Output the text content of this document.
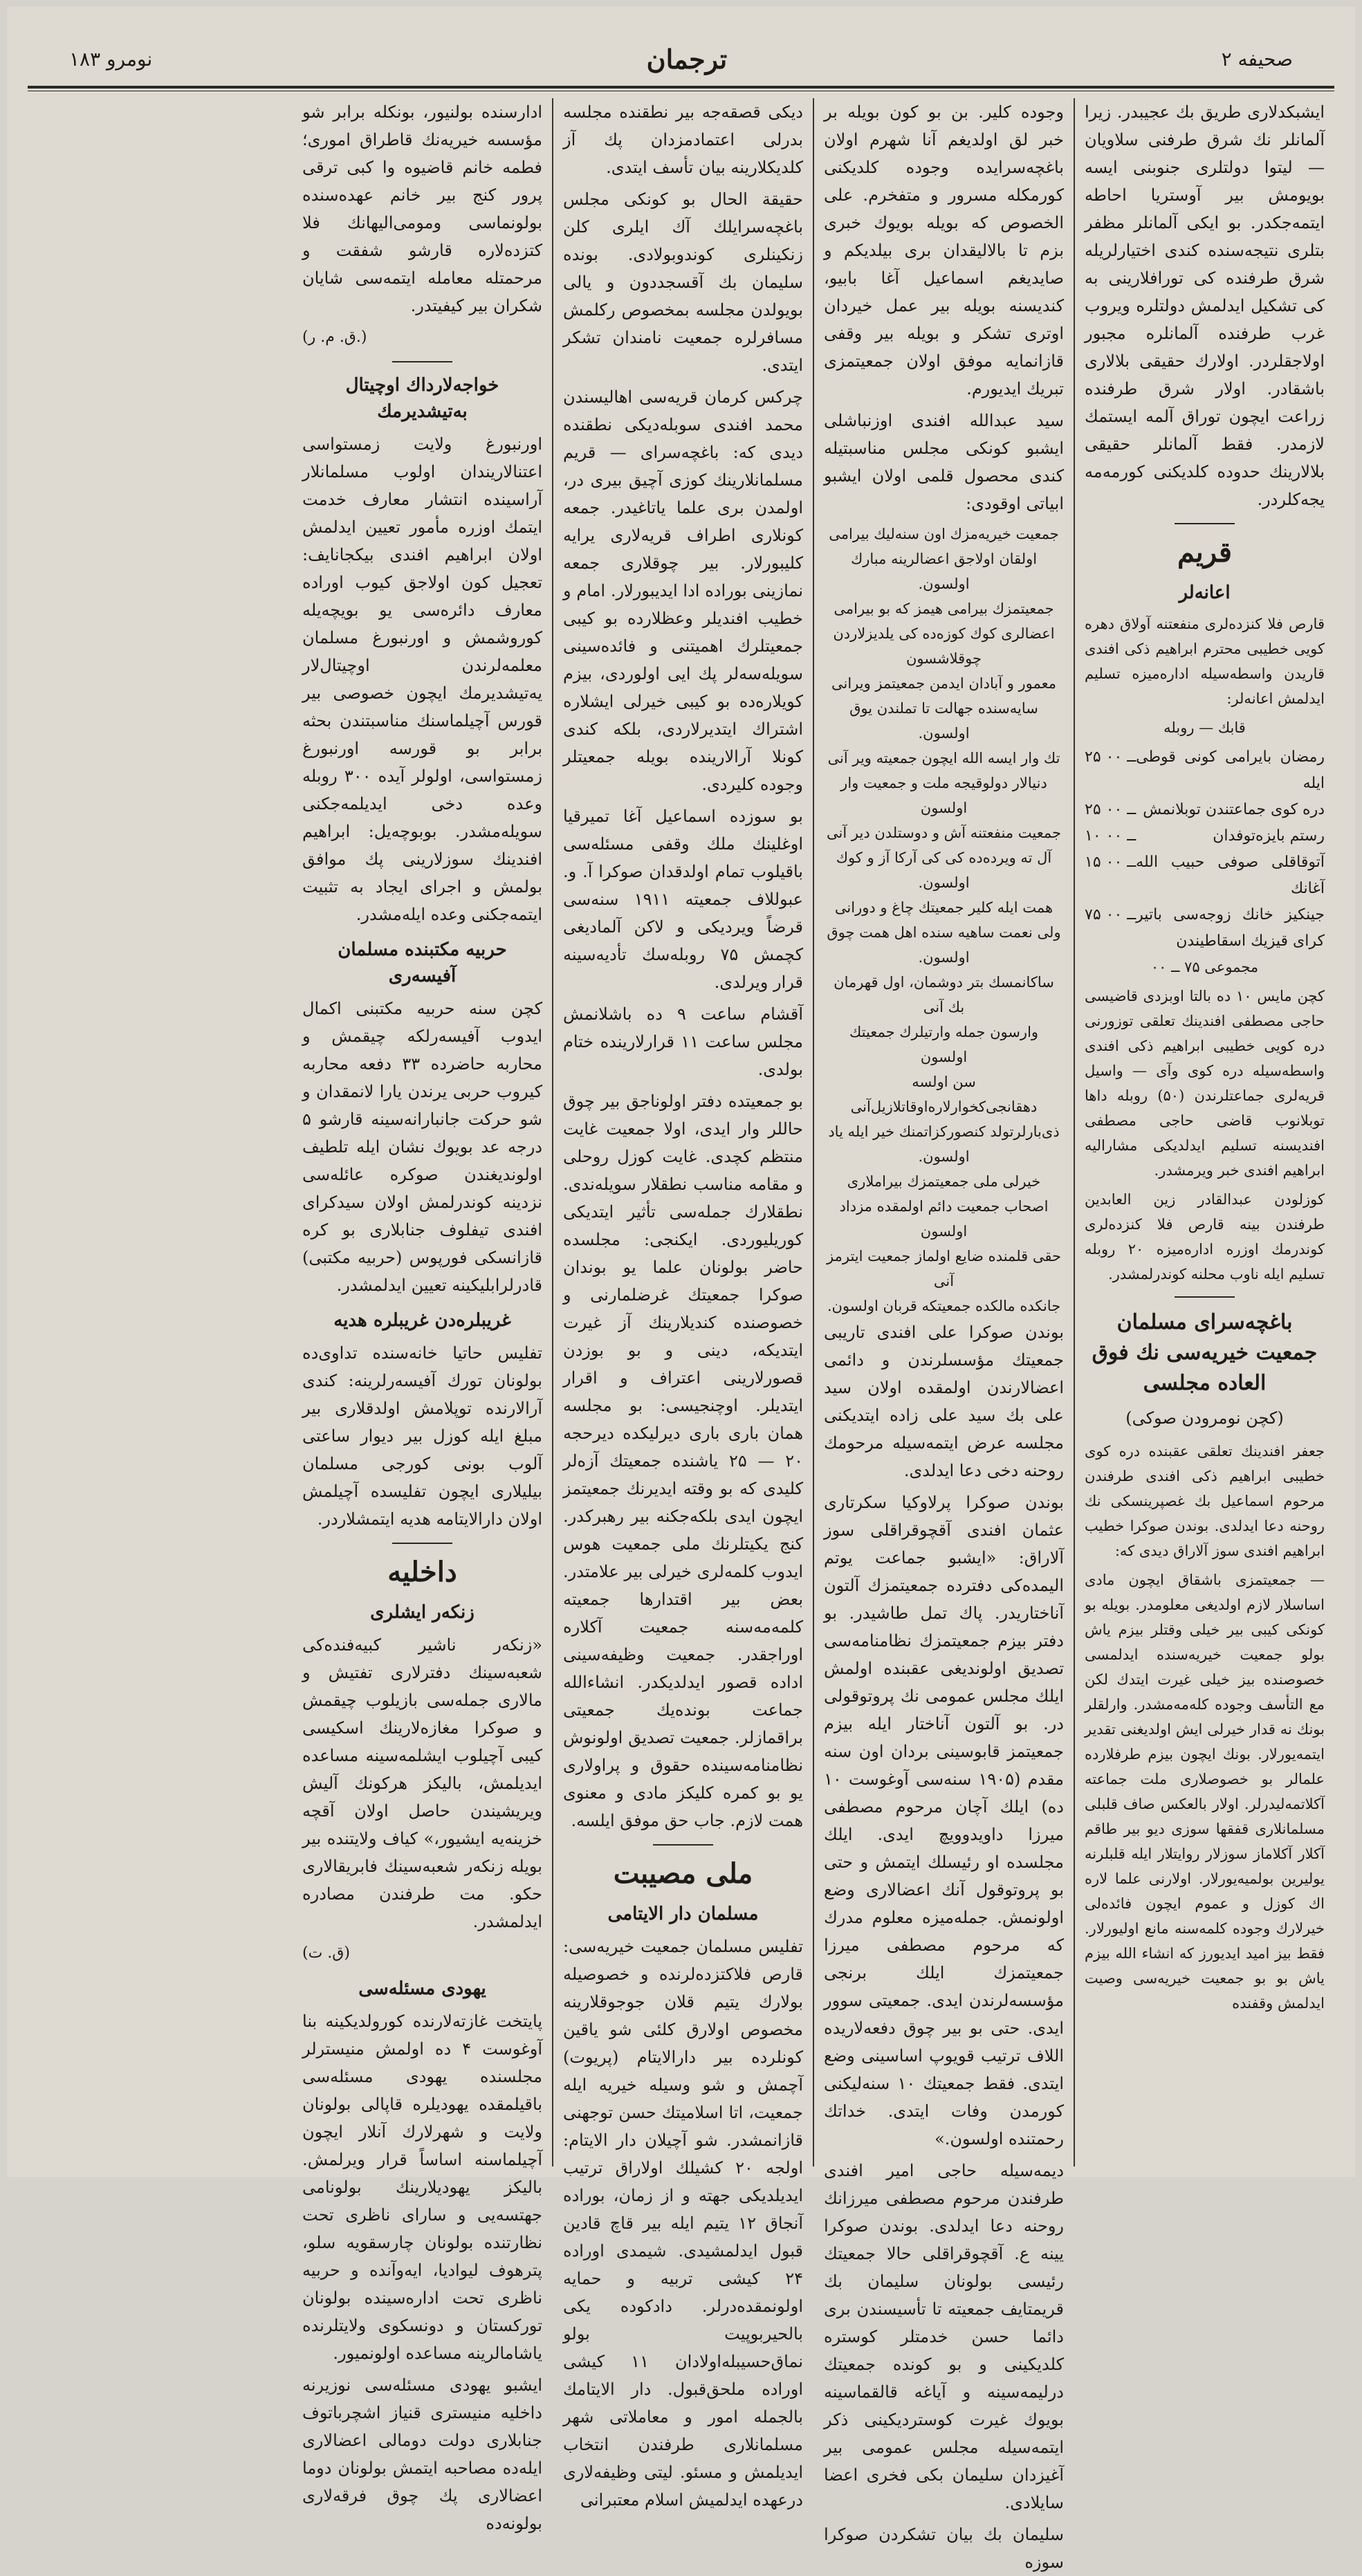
صحیفه ۲
ترجمان
نومرو ۱۸۳

ایشبکدلاری طریق بك عجیبدر. زیرا آلمانلر نك شرق طرفنی سلاویان — لیتوا دولتلری جنوبنی ایسه بویومش بیر آوستریا احاطه ایتمه‌جکدر. بو ایکی آلمانلر مظفر بتلری نتیجه‌سنده کندی اختیارلریله شرق طرفنده کی تورافلارینی به کی تشکیل ایدلمش دولتلره ویروب غرب طرفنده آلمانلره مجبور اولاجقلردر. اولارك حقیقی بلالاری باشقادر. اولار شرق طرفنده زراعت ایچون توراق آلمه ایستمك لازمدر. فقط آلمانلر حقیقی بلالارینك حدوده کلدیکنی کورمه‌مه یجه‌کلردر.

قریم
اعانه‌لر

قارص فلا کنزده‌لری منفعتنه آولاق دهره کویی خطیبی محترم ابراهیم ذکی افندی قاریدن واسطه‌سیله اداره‌میزه تسلیم ایدلمش اعانه‌لر:

قابك — روبله

رمضان بایرامی کونی قوطی ایله
۲۵ ــ ۰۰
دره کوی جماعتندن توبلانمش
۲۵ ــ ۰۰
رستم بایزه‌توفدان
۱۰ ــ ۰۰
آتوقاقلی صوفی حبیب الله آغانك
۱۵ ــ ۰۰
جینکیز خانك زوجه‌سی باتیر کرای قیزیك اسقاطیندن
۷۵ ــ ۰۰

مجموعی ۷۵ ــ ۰۰

کچن مایس ۱۰ ده بالتا اوبزدی قاضیسی حاجی مصطفی افندینك تعلقی توزورنی دره کویی خطیبی ابراهیم ذکی افندی واسطه‌سیله دره کوی وآی — واسیل قریه‌لری جماعتلرندن (۵۰) روبله داها توبلانوب قاضی حاجی مصطفی افندیسنه تسلیم ایدلدیکی مشارالیه ابراهیم افندی خبر ویرمشدر.

کوزلودن عبدالقادر زین العابدین طرفندن بینه قارص فلا کنزده‌لری کوندرمك اوزره اداره‌میزه ۲۰ روبله تسلیم ایله ناوب محلنه کوندرلمشدر.

باغچه‌سرای مسلمان جمعیت خیریه‌سی نك فوق العاده مجلسی
(کچن نومرودن صوکی)

جعفر افندینك تعلقی عقبنده دره کوی خطیبی ابراهیم ذکی افندی طرفندن مرحوم اسماعیل بك غصپرینسکی نك روحنه دعا ایدلدی. بوندن صوکرا خطیب ابراهیم افندی سوز آلاراق دیدی که:

— جمعیتمزی باشقاق ایچون مادی اساسلار لازم اولدیغی معلومدر. بویله بو کونکی کیبی بیر خیلی وقتلر بیزم یاش بولو جمعیت خیریه‌سنده ایدلمسی خصوصنده بیز خیلی غیرت ایتدك لکن مع التأسف وجوده کله‌مه‌مشدر. وارلقلر بونك نه قدار خیرلی ایش اولدیغنی تقدیر ایتمه‌یورلار. بونك ایچون بیزم طرفلارده علمالر بو خصوصلاری ملت جماعته آکلاتمه‌لیدرلر. اولار بالعکس صاف قلبلی مسلمانلاری قفقها سوزی دیو بیر طاقم آکلار آکلاماز سوزلار روایتلار ایله قلبلرنه یولیرین بولمیه‌یورلار. اولارنی علما لاره اك کوزل و عموم ایچون فائده‌لی خیرلارك وجوده کلمه‌سنه مانع اولیورلار. فقط بیز امید ایدیورز که انشاء الله بیزم یاش بو بو جمعیت خیریه‌سی وصیت ایدلمش وقفنده

وجوده کلیر. بن بو کون بویله بر خبر لق اولدیغم آنا شهرم اولان باغچه‌سرایده وجوده کلدیکنی کورمکله مسرور و متفخرم. علی الخصوص که بویله بویوك خبری بزم تا بالالیقدان بری بیلدیکم و صایدیغم اسماعیل آغا بابیو، کندیسنه بویله بیر عمل خیردان اوتری تشکر و بویله بیر وقفی قازانمایه موفق اولان جمعیتمزی تبریك ایدیورم.

سید عبدالله افندی اوزنباشلی ایشبو کونکی مجلس مناسبتیله کندی محصول قلمی اولان ایشبو ابیاتی اوقودی:

جمعیت خیریه‌مزك اون سنه‌لیك بیرامی
اولقان اولاجق اعضالرینه مبارك اولسون.
جمعیتمزك بیرامی هیمز که بو بیرامی
اعضالری کوك کوزه‌ده کی یلدیزلاردن چوقلاشسون
معمور و آبادان ایدمن جمعیتمز ویرانی
سایه‌سنده جهالت تا تملندن یوق اولسون.
تك وار ایسه الله ایچون جمعیته ویر آنی
دنیالار دولوقیجه ملت و جمعیت وار اولسون
جمعیت منفعتنه آش و دوستلدن دیر آنی
آل ته ویرده‌ده کی کی آرکا آز و کوك اولسون.
همت ایله کلیر جمعیتك چاغ و دورانی
ولی نعمت ساهیه سنده اهل همت چوق اولسون.
ساکانمسك بتر دوشمان، اول قهرمان بك آنی
وارسون جمله وارتیلرك جمعیتك اولسون
سن اولسه دهقانجی‌كخوارلاره‌اوقاتلازیل‌آنی
ذی‌بارلرتولد کنصورکزاتمنك خیر ایله یاد اولسون.
خیرلی ملی جمعیتمزك بیراملاری
اصحاب جمعیت دائم اولمقده مزداد اولسون
حقی قلمنده ضایع اولماز جمعیت ایترمز آنی
جانکده مالکده جمعیتکه قربان اولسون.

بوندن صوکرا علی افندی تاریبی جمعیتك مؤسسلرندن و دائمی اعضالارندن اولمقده اولان سید علی بك سید علی زاده ایتدیکنی مجلسه عرض ایتمه‌سیله مرحومك روحنه دخی دعا ایدلدی.

بوندن صوکرا پرلاوکیا سکرتاری عثمان افندی آقچوقراقلی سوز آلاراق: «ایشبو جماعت یوتم الیمده‌کی دفترده جمعیتمزك آلتون آناختاریدر. پاك تمل طاشیدر. بو دفتر بیزم جمعیتمزك نظامنامه‌سی تصدیق اولوندیغی عقبنده اولمش ایلك مجلس عمومی نك پروتوقولی در. بو آلتون آناختار ایله بیزم جمعیتمز قابوسینی بردان اون سنه مقدم (۱۹۰۵ سنه‌سی آوغوست ۱۰ ده) ایلك آچان مرحوم مصطفی میرزا داویدوویچ ایدی. ایلك مجلسده او رئیسلك ایتمش و حتی بو پروتوقول آنك اعضالاری وضع اولونمش. جمله‌میزه معلوم مدرك که مرحوم مصطفی میرزا جمعیتمزك ایلك برنجی مؤسسه‌لرندن ایدی. جمعیتی سوور ایدی. حتی بو بیر چوق دفعه‌لاریده اللاف ترتیب قویوپ اساسینی وضع ایتدی. فقط جمعیتك ۱۰ سنه‌لیکنی کورمدن وفات ایتدی. خداتك رحمتنده اولسون.»

دیمه‌سیله حاجی امیر افندی طرفندن مرحوم مصطفی میرزانك روحنه دعا ایدلدی. بوندن صوکرا یینه ع. آقچوقراقلی حالا جمعیتك رئیسی بولونان سلیمان بك قریمتایف جمعیته تا تأسیسندن بری دائما حسن خدمتلر کوستره کلدیکینی و بو کونده جمعیتك درلیمه‌سینه و آیاغه قالقماسینه بویوك غیرت کوستردیکینی ذکر ایتمه‌سیله مجلس عمومی بیر آغیزدان سلیمان بکی فخری اعضا سایلادی.

سلیمان بك بیان تشکردن صوکرا سوزه

دیکی قصقه‌جه بیر نطقنده مجلسه بدرلی اعتمادمزدان پك آز کلدیکلارینه بیان تأسف ایتدی.

حقیقة الحال بو کونکی مجلس باغچه‌سرایلك آك ایلری کلن زنکینلری کوندوبولادی. بونده سلیمان بك آقسجددون و یالی بویولدن مجلسه بمخصوص رکلمش مسافرلره جمعیت نامندان تشکر ایتدی.

چرکس کرمان قریه‌سی اهالیسندن محمد افندی سوبله‌دیکی نطقنده دیدی که: باغچه‌سرای — قریم مسلمانلارینك کوزی آچیق بیری در، اولمدن بری علما یاتاغیدر. جمعه کونلاری اطراف قریه‌لاری یرایه کلیبورلار. بیر چوقلاری جمعه نمازینی بوراده ادا ایدیبورلار. امام و خطیب افندیلر وعظلارده بو کیبی جمعیتلرك اهمیتنی و فائده‌سینی سویله‌سه‌لر پك ایی اولوردی، بیزم کویلار‌ه‌ده بو کیبی خیرلی ایشلاره اشتراك ایتدیرلاردی، بلکه کندی کونلا آرالارینده بویله جمعیتلر وجوده کلیردی.

بو سوزده اسماعیل آغا تمیرقیا اوغلینك ملك وقفی مسئله‌سی باقیلوب تمام اولدقدان صوکرا آ. و. عبوللاف جمعیته ۱۹۱۱ سنه‌سی قرضاً ویردیکی و لاکن آلمادیغی کچمش ۷۵ روبله‌سك تأدیه‌سینه قرار ویرلدی.

آقشام ساعت ۹ ده باشلانمش مجلس ساعت ۱۱ قرارلارینده ختام بولدی.

بو جمعیتده دفتر اولوناجق بیر چوق حاللر وار ایدی، اولا جمعیت غایت منتظم کچدی. غایت کوزل روحلی و مقامه مناسب نطقلار سویله‌ندی. نطقلارك جمله‌سی تأثیر ایتدیکی کوریلیوردی. ایکنجی: مجلسده حاضر بولونان علما یو بوندان صوکرا جمعیتك غرضلمارنی و خصوصنده کندیلارینك آز غیرت ایتدیکه، دینی و بو بوزدن قصورلارینی اعتراف و اقرار ایتدیلر. اوچنجیسی: بو مجلسه همان باری باری دیرلیکده دیرحجه ۲۰ — ۲۵ یاشنده جمعیتك آزه‌لر کلیدی که بو وقته ایدیرنك جمعیتمز ایچون ایدی بلکه‌جکنه بیر رهبرکدر. کنج یکیتلرنك ملی جمعیت هوس ایدوب کلمه‌لری خیرلی بیر علامتدر. بعض بیر اقتدارها جمعیته کلمه‌مه‌سنه جمعیت آکلاره اوراجقدر. جمعیت وظیفه‌سینی اداده قصور ایدلدیکدر. انشاءالله جماعت بونده‌یك جمعیتی براقمازلر. جمعیت تصدیق اولونوش نظامنامه‌سینده حقوق و پراولاری یو بو کمره کلیکز مادی و معنوی همت لازم. جاب حق موفق ایلسه.

ملی مصیبت
مسلمان دار الایتامی

تفلیس مسلمان جمعیت خیریه‌سی: قارص فلاکتزده‌لرنده و خصوصیله بولارك یتیم قلان جوجوقلارینه مخصوص اولارق کلئی شو یاقین کونلرده بیر دارالایتام (پریوت) آچمش و شو وسیله خیریه ایله جمعیت، اتا اسلامیتك حسن توجهنی قازانمشدر. شو آچیلان دار الایتام: اولجه ۲۰ کشیلك اولاراق ترتیب ایدیلدیکی جهته و از زمان، بوراده آنجاق ۱۲ یتیم ایله بیر قاچ قادین قبول ایدلمشیدی. شیمدی اوراده ۲۴ کیشی تربیه و حمایه اولونمقده‌درلر. دادکوده یکی بالحیربوپیت بولو نماق‌حسیبله‌اولادان ۱۱ کیشی اوراده ملحق‌قبول. دار الایتامك بالجمله امور و معاملاتی شهر مسلمانلاری طرفندن انتخاب ایدیلمش و مسئو. لیتی وظیفه‌لاری درعهده ایدلمیش اسلام معتبرانی

ادارسنده بولنیور، بونکله برابر شو مؤسسه خیریه‌نك قاطراق اموری؛ فطمه خانم قاضیوه وا کبی ترقی پرور کنج بیر خانم عهده‌سنده بولونماسی ومومی‌الیهانك فلا کتزده‌لاره قارشو شفقت و مرحمتله معامله ایتمه‌سی شایان شکران بیر کیفیتدر.

(ق. م. ر.)

خواجه‌لارداك اوچیتال به‌تیشدیرمك

اورنبورغ ولایت زمستواسی اعتنالاریندان اولوب مسلمانلار آراسینده انتشار معارف خدمت ایتمك اوزره مأمور تعیین ایدلمش اولان ابراهیم افندی بیکجانایف: تعجیل کون اولاجق کیوب اوراده معارف دائره‌سی یو بویچه‌یله کوروشمش و اورنبورغ مسلمان معلمه‌لرندن اوچیتال‌لار یه‌تیشدیرمك ایچون خصوصی بیر قورس آچیلماسنك مناسبتندن بحثه برابر بو قورسه اورنبورغ زمستواسی، اولولر آیده ۳۰۰ روبله وعده دخی ایدیلمه‌جکنی سویله‌مشدر. بوبوچه‌یل: ابراهیم افندینك سوزلارینی پك موافق بولمش و اجرای ایجاد به تثبیت ایتمه‌جکنی وعده ایله‌مشدر.

حربیه مکتبنده مسلمان آفیسه‌ری

کچن سنه حربیه مکتبنی اکمال ایدوب آفیسه‌رلکه چیقمش و محاربه حاضرده ۳۳ دفعه محاربه کیروب حربی یرندن یارا لانمقدان و شو حرکت جانبارانه‌سینه قارشو ۵ درجه عد بویوك نشان ایله تلطیف اولوندیغندن صوکره عائله‌سی نزدینه کوندرلمش اولان سیدکرای افندی تیفلوف جنابلاری بو کره قازانسکی فورپوس (حربیه مکتبی) قادرلرابلیکینه تعیین ایدلمشدر.

غریبلره‌دن غریبلره هدیه

تفلیس حاتیا خانه‌سنده تداوی‌ده بولونان تورك آفیسه‌رلرینه: کندی آرالارنده توپلامش اولدقلاری بیر مبلغ ایله کوزل بیر دیوار ساعتی آلوب بونی کورجی مسلمان بیلیلاری ایچون تفلیسده آچیلمش اولان دارالایتامه هدیه ایتمشلاردر.

داخلیه
زنکه‌ر ایشلری

«زنکه‌ر ناشیر کبیه‌فنده‌کی شعبه‌سینك دفترلاری تفتیش و مالاری جمله‌سی بازیلوب چیقمش و صوکرا مغازه‌لارینك اسکیسی کیبی آچیلوب ایشلمه‌سینه مساعده ایدیلمش، بالیکز هرکونك آلیش ویریشیندن حاصل اولان آقچه خزینه‌یه ایشیور،» کیاف ولایتنده بیر بویله زنکه‌ر شعبه‌سینك فابریقالاری حکو. مت طرفندن مصادره ایدلمشدر.

(ق. ت)

یهودی مسئله‌سی

پایتخت غازته‌لارنده کورولدیکینه بنا آوغوست ۴ ده اولمش منیسترلر مجلسنده یهودی مسئله‌سی باقیلمقده یهودیلره قاپالی بولونان ولایت و شهرلارك آنلار ایچون آچیلماسنه اساساً قرار ویرلمش. بالیکز یهودیلارینك بولونامی جهتسه‌یی و سارای ناظری تحت نظارتنده بولونان چارسقویه سلو، پترهوف لیوادیا، ایه‌وآنده و حربیه ناظری تحت اداره‌سینده بولونان تورکستان و دونسکوی ولایتلرنده یاشامالرینه مساعده اولونمیور.

ایشبو یهودی مسئله‌سی نوزیرنه داخلیه منیستری قنیاز اشچرباتوف جنابلاری دولت دومالی اعضالاری ایله‌ده مصاحبه ایتمش بولونان دوما اعضالاری پك چوق فرقه‌لاری بولونه‌ده
